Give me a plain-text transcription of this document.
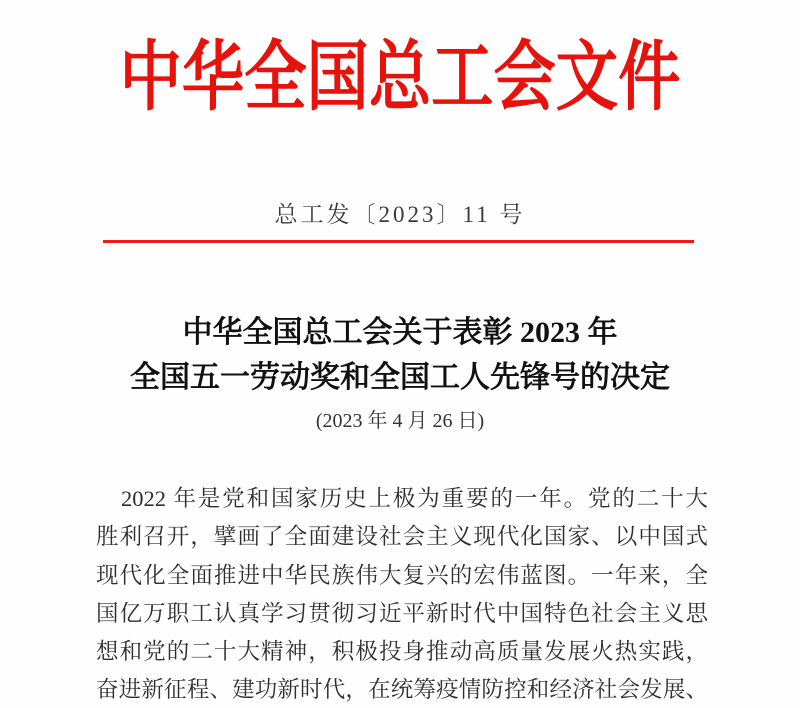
中华全国总工会文件
总工发〔2023〕11 号
中华全国总工会关于表彰 2023 年
全国五一劳动奖和全国工人先锋号的决定
(2023 年 4 月 26 日)
2022 年是党和国家历史上极为重要的一年。党的二十大
胜利召开，擘画了全面建设社会主义现代化国家、以中国式
现代化全面推进中华民族伟大复兴的宏伟蓝图。一年来，全
国亿万职工认真学习贯彻习近平新时代中国特色社会主义思
想和党的二十大精神，积极投身推动高质量发展火热实践，
奋进新征程、建功新时代，在统筹疫情防控和经济社会发展、
